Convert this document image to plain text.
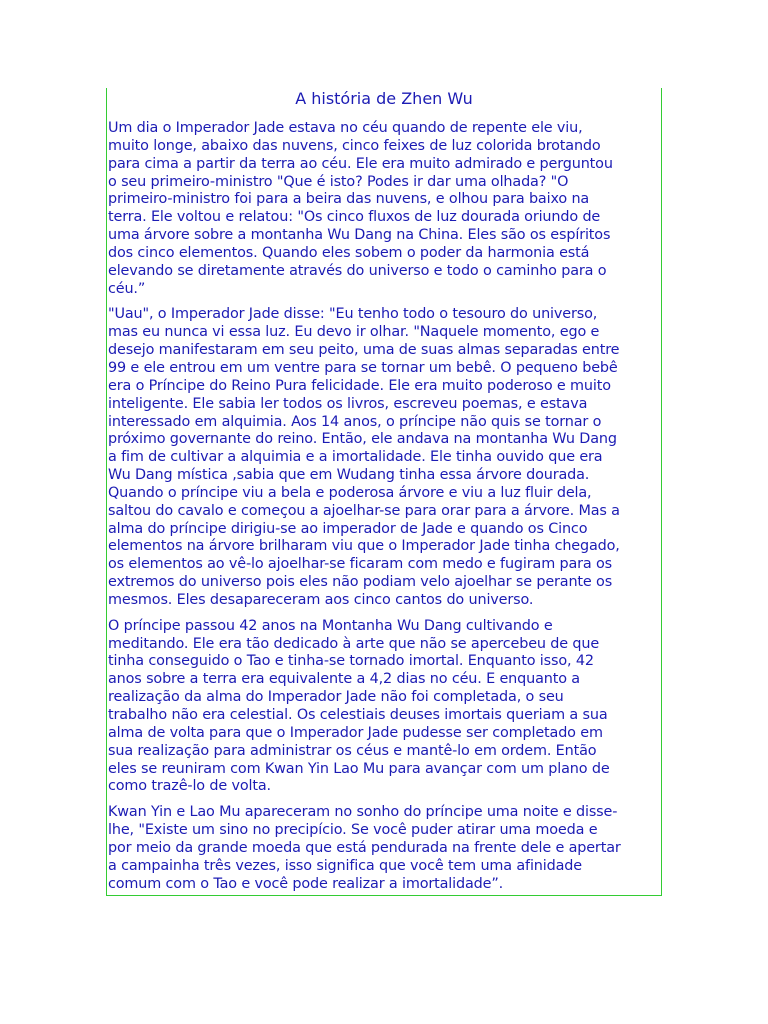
A história de Zhen Wu

Um dia o Imperador Jade estava no céu quando de repente ele viu,
muito longe, abaixo das nuvens, cinco feixes de luz colorida brotando
para cima a partir da terra ao céu. Ele era muito admirado e perguntou
o seu primeiro-ministro "Que é isto? Podes ir dar uma olhada? "O
primeiro-ministro foi para a beira das nuvens, e olhou para baixo na
terra. Ele voltou e relatou: "Os cinco fluxos de luz dourada oriundo de
uma árvore sobre a montanha Wu Dang na China. Eles são os espíritos
dos cinco elementos. Quando eles sobem o poder da harmonia está
elevando se diretamente através do universo e todo o caminho para o
céu.”

"Uau", o Imperador Jade disse: "Eu tenho todo o tesouro do universo,
mas eu nunca vi essa luz. Eu devo ir olhar. "Naquele momento, ego e
desejo manifestaram em seu peito, uma de suas almas separadas entre
99 e ele entrou em um ventre para se tornar um bebê. O pequeno bebê
era o Príncipe do Reino Pura felicidade. Ele era muito poderoso e muito
inteligente. Ele sabia ler todos os livros, escreveu poemas, e estava
interessado em alquimia. Aos 14 anos, o príncipe não quis se tornar o
próximo governante do reino. Então, ele andava na montanha Wu Dang
a fim de cultivar a alquimia e a imortalidade. Ele tinha ouvido que era
Wu Dang mística ,sabia que em Wudang tinha essa árvore dourada.
Quando o príncipe viu a bela e poderosa árvore e viu a luz fluir dela,
saltou do cavalo e começou a ajoelhar-se para orar para a árvore. Mas a
alma do príncipe dirigiu-se ao imperador de Jade e quando os Cinco
elementos na árvore brilharam viu que o Imperador Jade tinha chegado,
os elementos ao vê-lo ajoelhar-se ficaram com medo e fugiram para os
extremos do universo pois eles não podiam velo ajoelhar se perante os
mesmos. Eles desapareceram aos cinco cantos do universo.

O príncipe passou 42 anos na Montanha Wu Dang cultivando e
meditando. Ele era tão dedicado à arte que não se apercebeu de que
tinha conseguido o Tao e tinha-se tornado imortal. Enquanto isso, 42
anos sobre a terra era equivalente a 4,2 dias no céu. E enquanto a
realização da alma do Imperador Jade não foi completada, o seu
trabalho não era celestial. Os celestiais deuses imortais queriam a sua
alma de volta para que o Imperador Jade pudesse ser completado em
sua realização para administrar os céus e mantê-lo em ordem. Então
eles se reuniram com Kwan Yin Lao Mu para avançar com um plano de
como trazê-lo de volta.

Kwan Yin e Lao Mu apareceram no sonho do príncipe uma noite e disse-
lhe, "Existe um sino no precipício. Se você puder atirar uma moeda e
por meio da grande moeda que está pendurada na frente dele e apertar
a campainha três vezes, isso significa que você tem uma afinidade
comum com o Tao e você pode realizar a imortalidade”.
